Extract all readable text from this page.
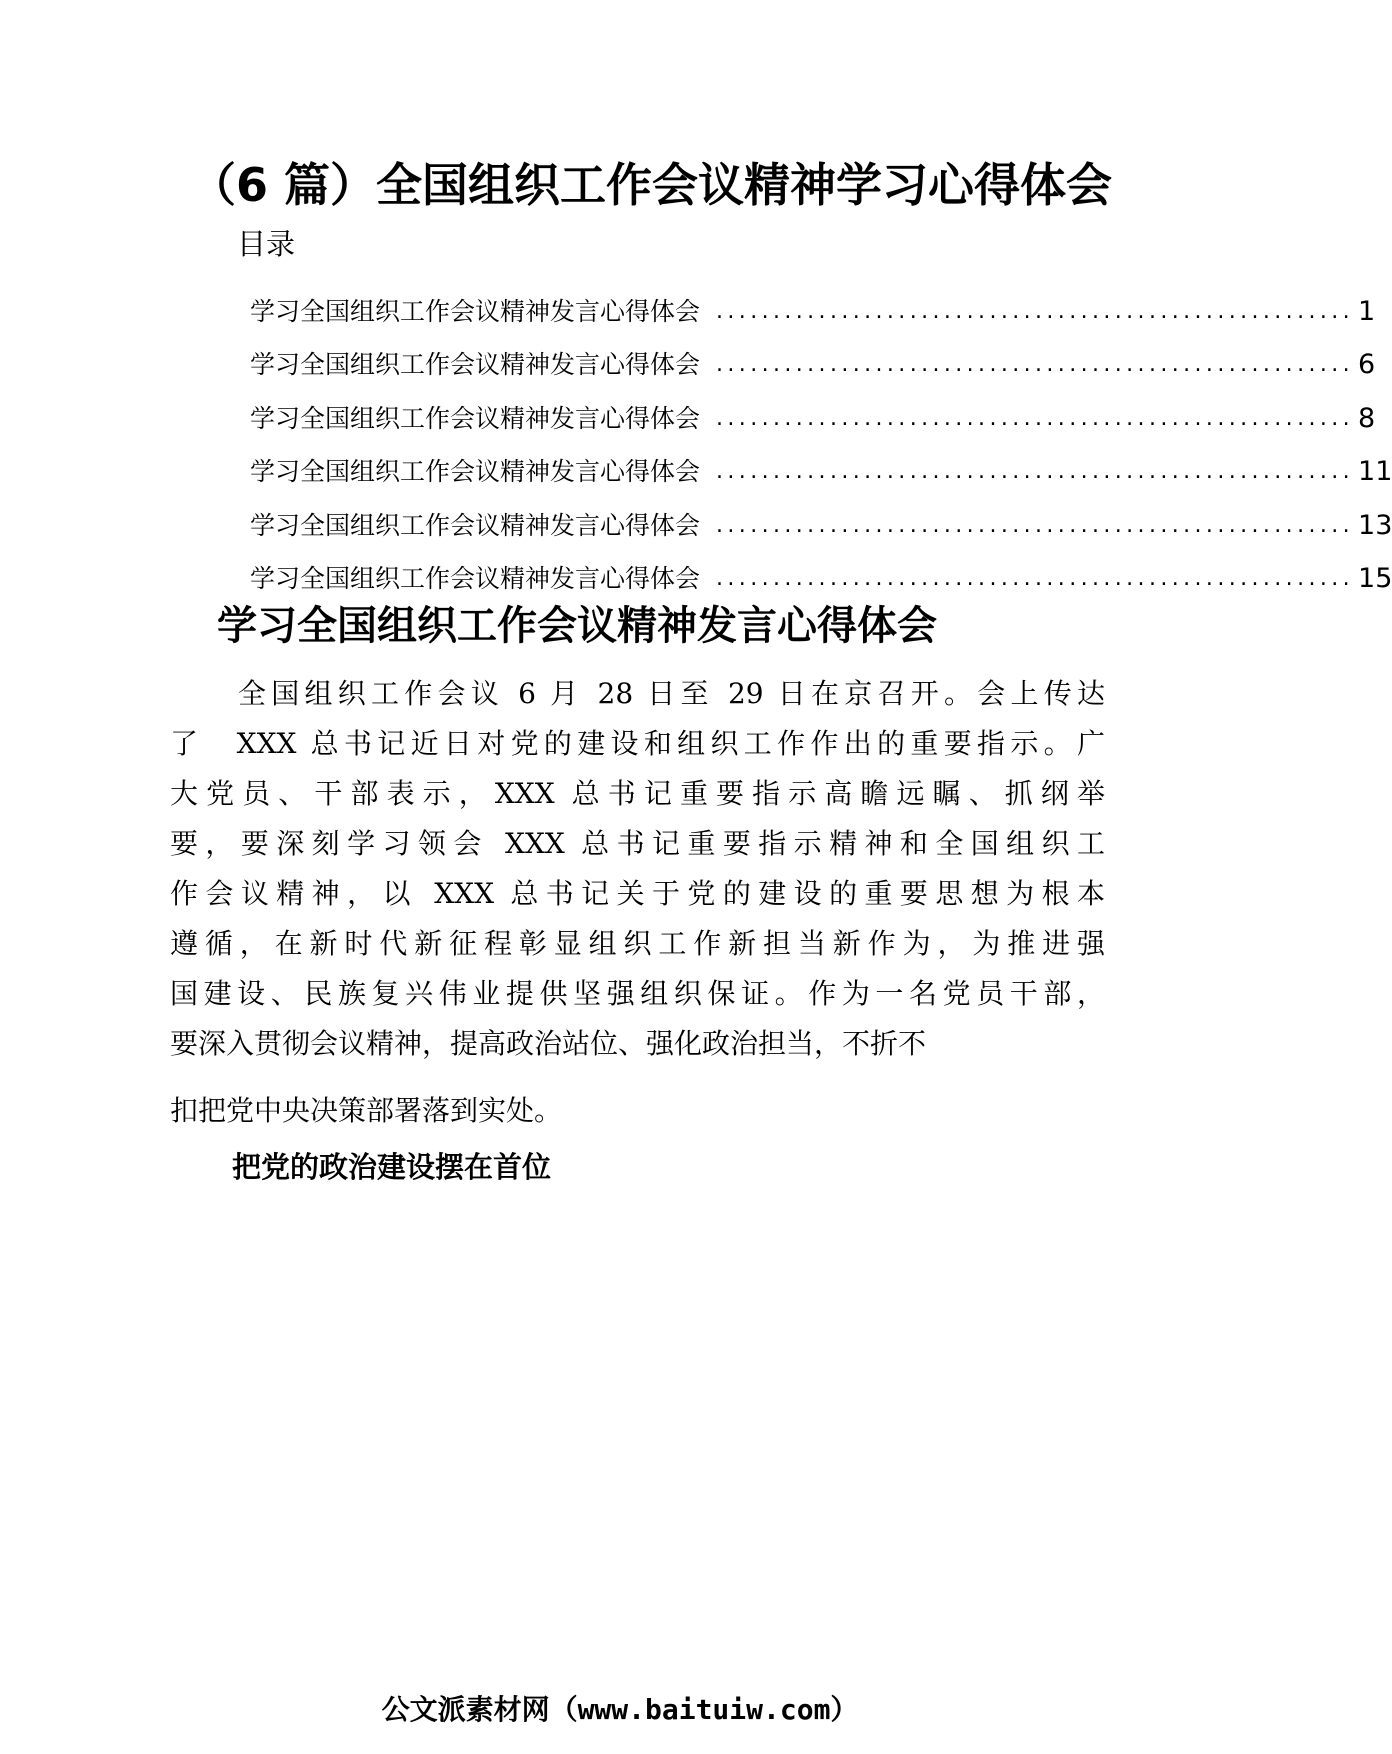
（6 篇）全国组织工作会议精神学习心得体会
目录
学习全国组织工作会议精神发言心得体会 ........................................................ 1
学习全国组织工作会议精神发言心得体会 ........................................................ 6
学习全国组织工作会议精神发言心得体会 ........................................................ 8
学习全国组织工作会议精神发言心得体会 ........................................................ 11
学习全国组织工作会议精神发言心得体会 ........................................................ 13
学习全国组织工作会议精神发言心得体会 ........................................................ 15
学习全国组织工作会议精神发言心得体会
全国组织工作会议 6 月 28 日至 29 日在京召开。会上传达
了　XXX 总书记近日对党的建设和组织工作作出的重要指示。广
大党员、干部表示，XXX 总书记重要指示高瞻远瞩、抓纲举
要，要深刻学习领会 XXX 总书记重要指示精神和全国组织工
作会议精神，以 XXX 总书记关于党的建设的重要思想为根本
遵循，在新时代新征程彰显组织工作新担当新作为，为推进强
国建设、民族复兴伟业提供坚强组织保证。作为一名党员干部，
要深入贯彻会议精神，提高政治站位、强化政治担当，不折不
扣把党中央决策部署落到实处。
把党的政治建设摆在首位
公文派素材网（www.baituiw.com）
